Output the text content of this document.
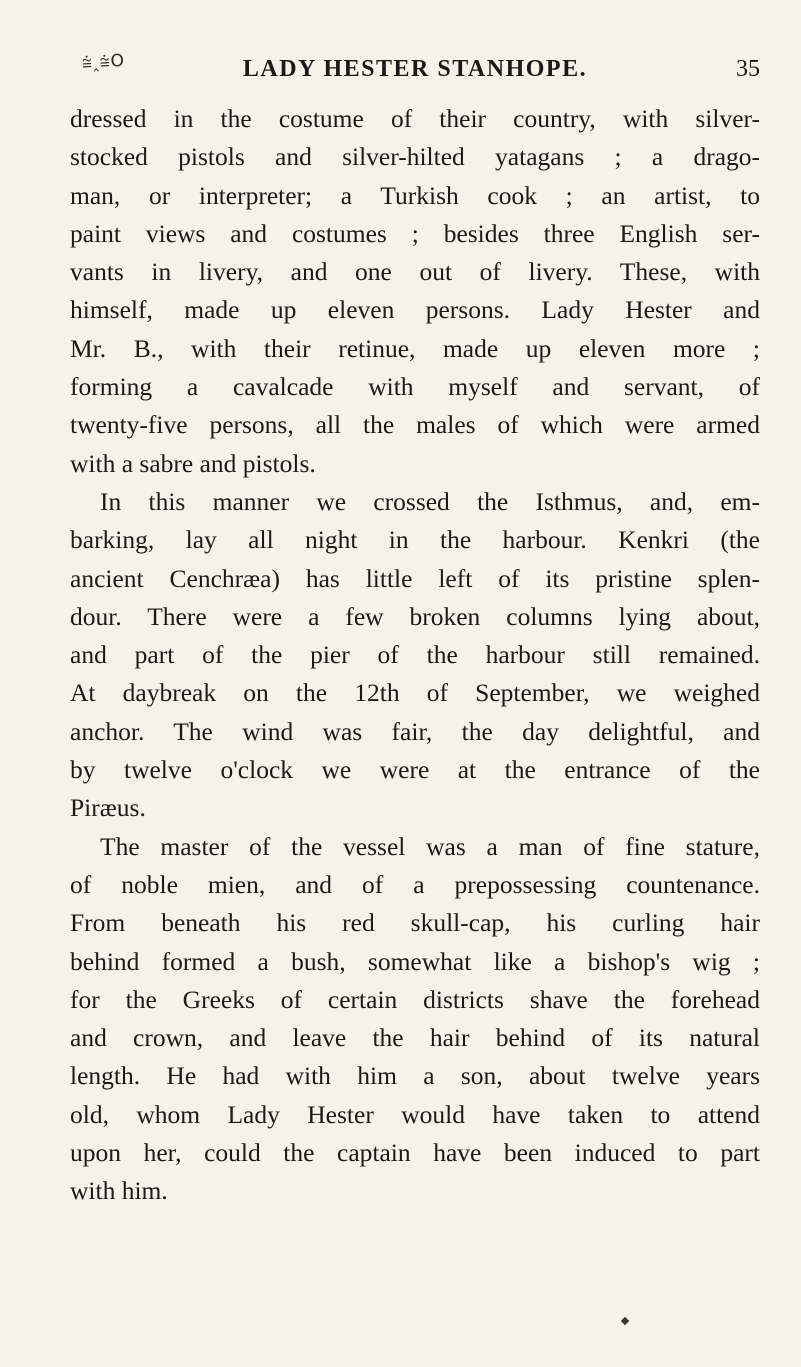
⩭‸⩭O	LADY HESTER STANHOPE.	35
dressed in the costume of their country, with silver-
stocked pistols and silver-hilted yatagans ; a drago-
man, or interpreter; a Turkish cook ; an artist, to
paint views and costumes ; besides three English ser-
vants in livery, and one out of livery. These, with
himself, made up eleven persons. Lady Hester and
Mr. B., with their retinue, made up eleven more ;
forming a cavalcade with myself and servant, of
twenty-five persons, all the males of which were armed
with a sabre and pistols.
In this manner we crossed the Isthmus, and, em-
barking, lay all night in the harbour. Kenkri (the
ancient Cenchræa) has little left of its pristine splen-
dour. There were a few broken columns lying about,
and part of the pier of the harbour still remained.
At daybreak on the 12th of September, we weighed
anchor. The wind was fair, the day delightful, and
by twelve o'clock we were at the entrance of the
Piræus.
The master of the vessel was a man of fine stature,
of noble mien, and of a prepossessing countenance.
From beneath his red skull-cap, his curling hair
behind formed a bush, somewhat like a bishop's wig ;
for the Greeks of certain districts shave the forehead
and crown, and leave the hair behind of its natural
length. He had with him a son, about twelve years
old, whom Lady Hester would have taken to attend
upon her, could the captain have been induced to part
with him.
